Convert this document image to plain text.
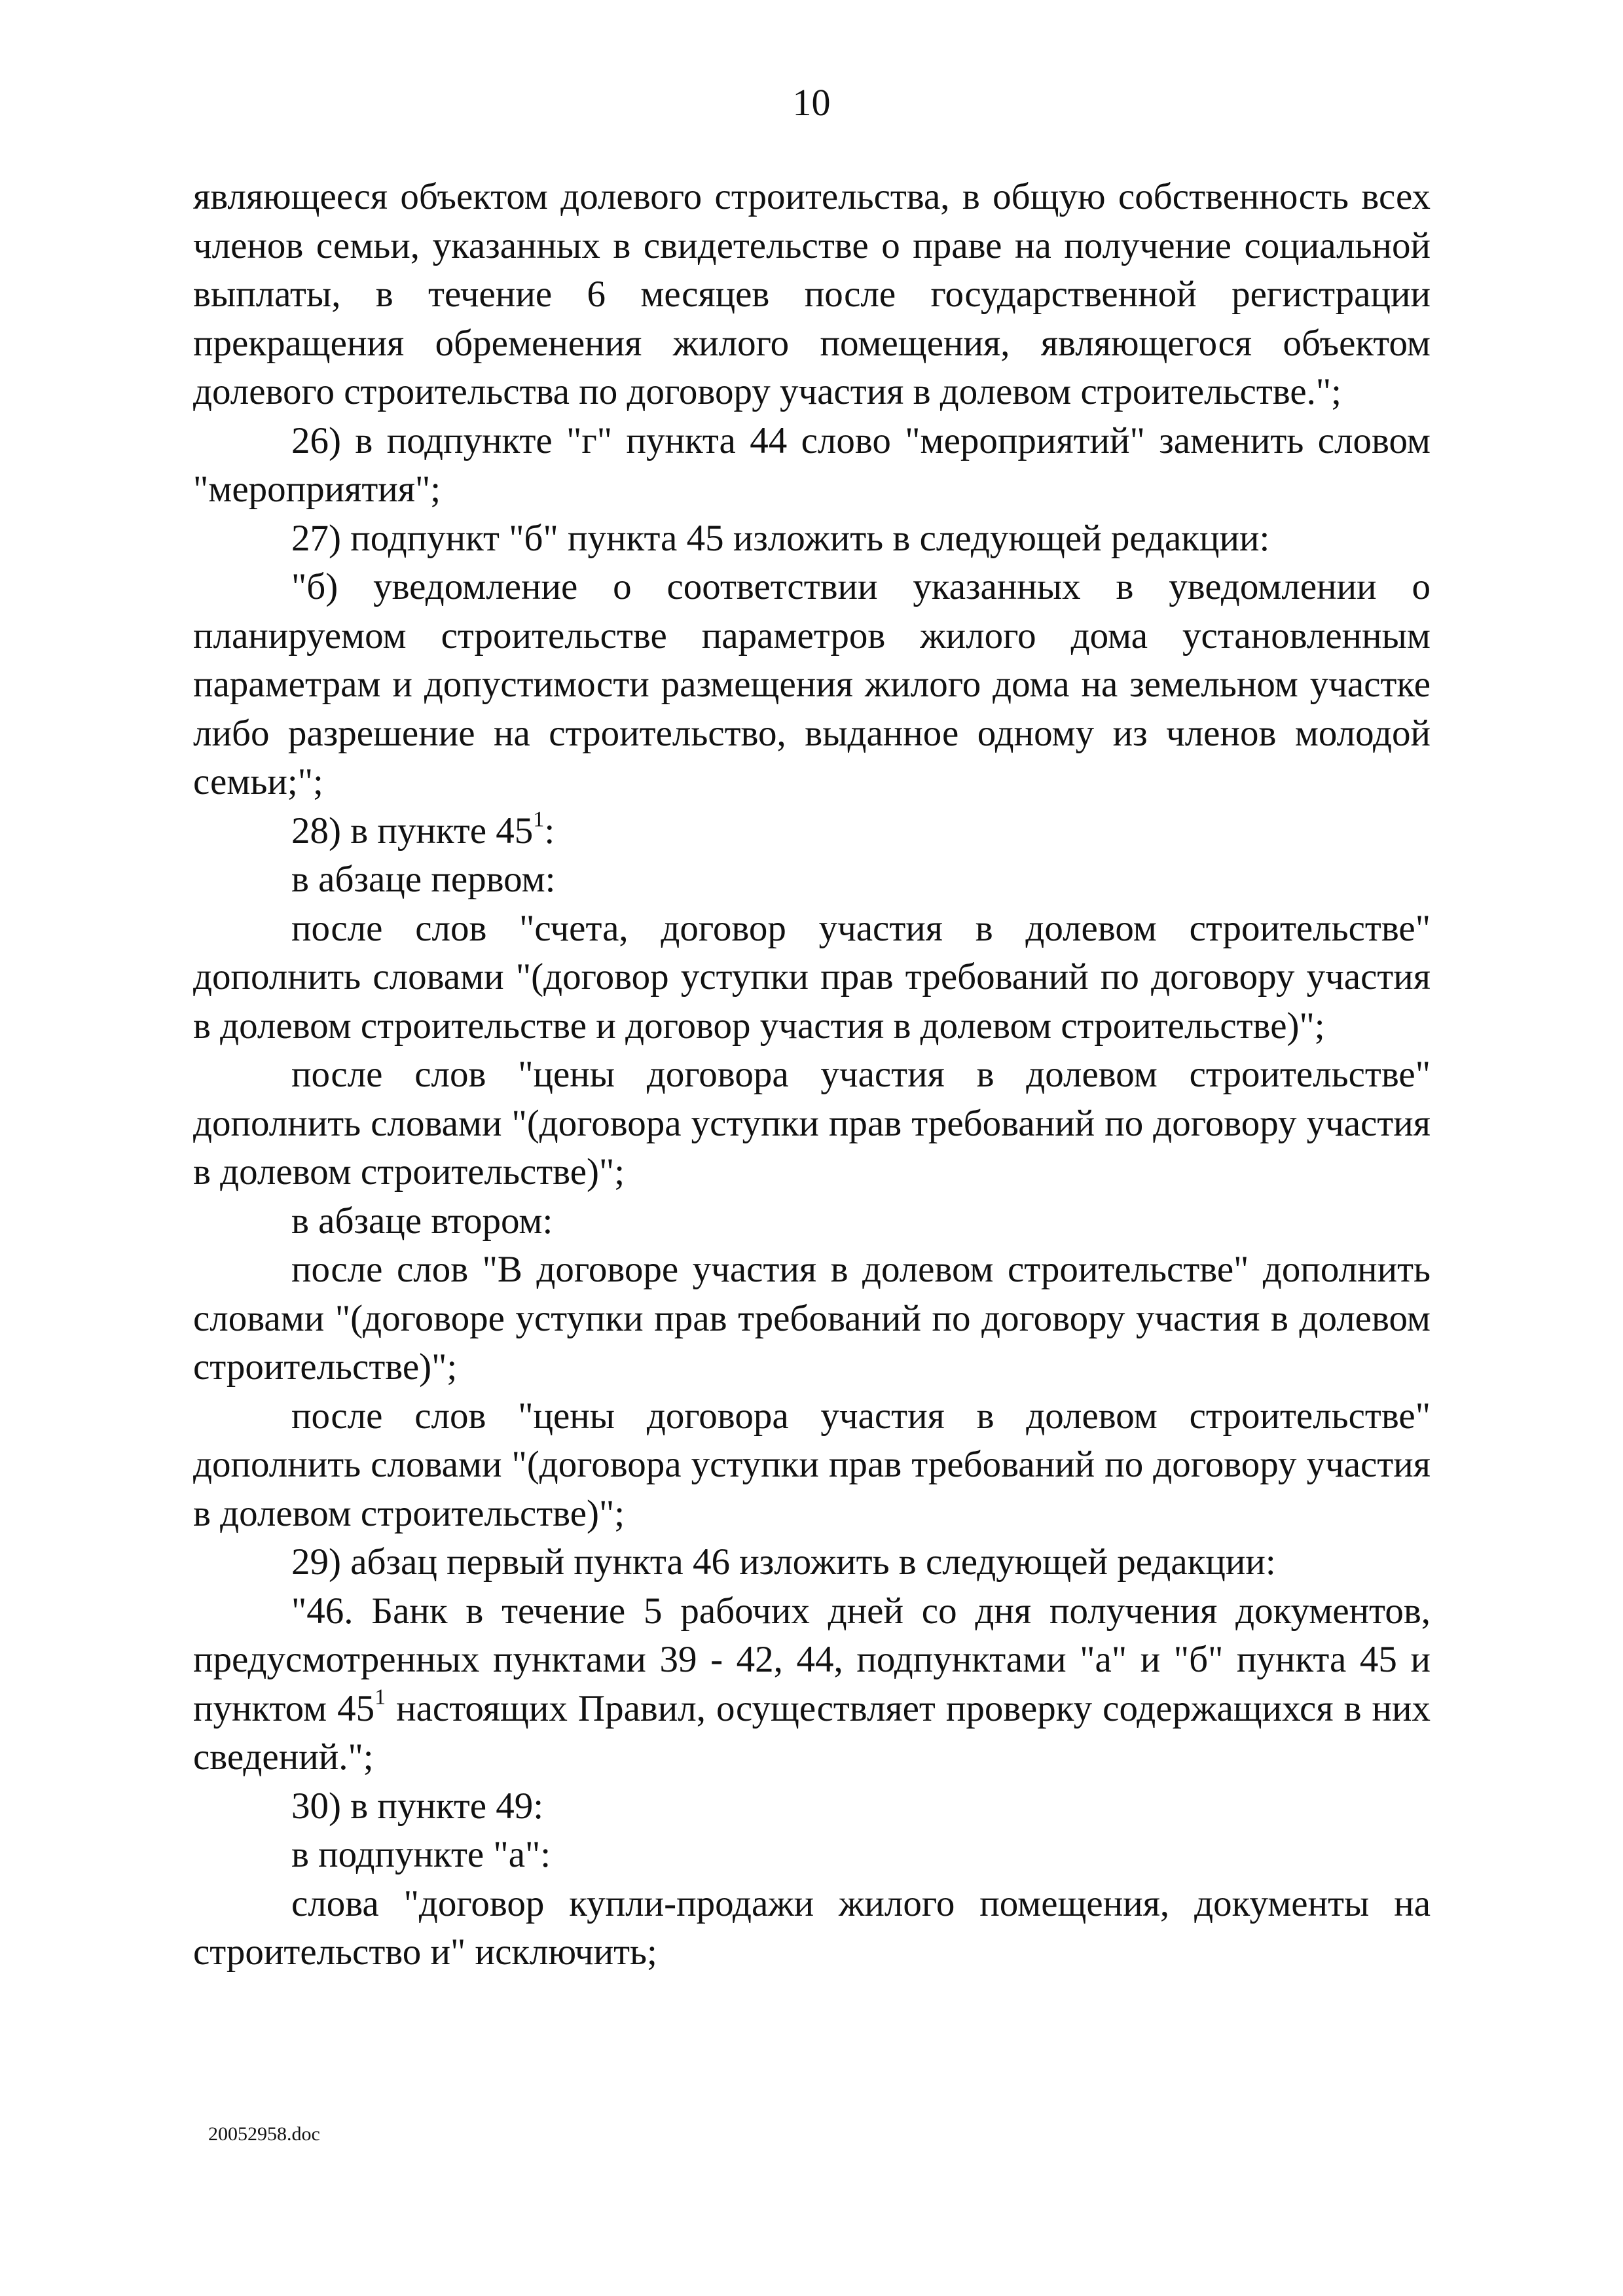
10

являющееся объектом долевого строительства, в общую собственность всех членов семьи, указанных в свидетельстве о праве на получение социальной выплаты, в течение 6 месяцев после государственной регистрации прекращения обременения жилого помещения, являющегося объектом долевого строительства по договору участия в долевом строительстве.";

26) в подпункте "г" пункта 44 слово "мероприятий" заменить словом "мероприятия";

27) подпункт "б" пункта 45 изложить в следующей редакции:

"б) уведомление о соответствии указанных в уведомлении о планируемом строительстве параметров жилого дома установленным параметрам и допустимости размещения жилого дома на земельном участке либо разрешение на строительство, выданное одному из членов молодой семьи;";

28) в пункте $45^1$:

в абзаце первом:

после слов "счета, договор участия в долевом строительстве" дополнить словами "(договор уступки прав требований по договору участия в долевом строительстве и договор участия в долевом строительстве)";

после слов "цены договора участия в долевом строительстве" дополнить словами "(договора уступки прав требований по договору участия в долевом строительстве)";

в абзаце втором:

после слов "В договоре участия в долевом строительстве" дополнить словами "(договоре уступки прав требований по договору участия в долевом строительстве)";

после слов "цены договора участия в долевом строительстве" дополнить словами "(договора уступки прав требований по договору участия в долевом строительстве)";

29) абзац первый пункта 46 изложить в следующей редакции:

"46. Банк в течение 5 рабочих дней со дня получения документов, предусмотренных пунктами 39 - 42, 44, подпунктами "а" и "б" пункта 45 и пунктом $45^1$ настоящих Правил, осуществляет проверку содержащихся в них сведений.";

30) в пункте 49:

в подпункте "а":

слова "договор купли-продажи жилого помещения, документы на строительство и" исключить;

20052958.doc
